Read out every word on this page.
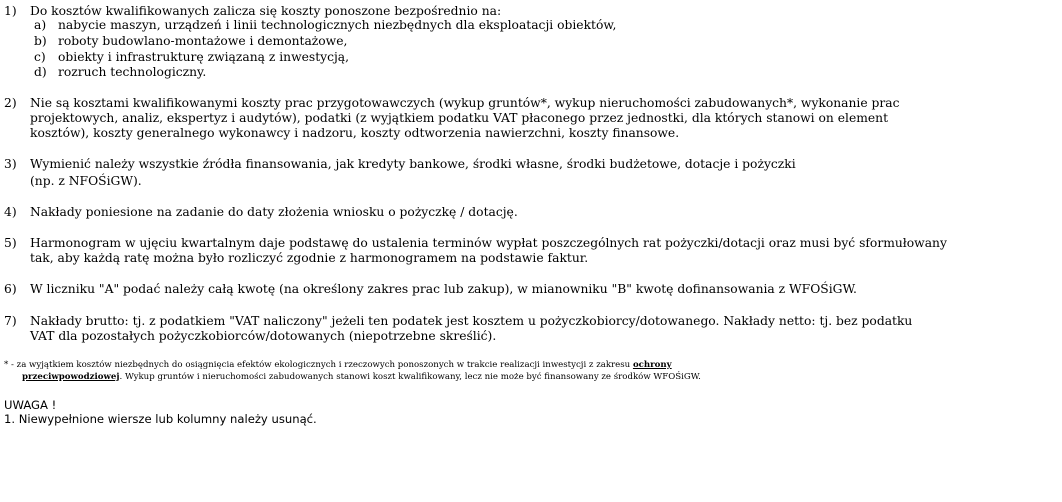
1) Do kosztów kwalifikowanych zalicza się koszty ponoszone bezpośrednio na:
a) nabycie maszyn, urządzeń i linii technologicznych niezbędnych dla eksploatacji obiektów,
b) roboty budowlano-montażowe i demontażowe,
c) obiekty i infrastrukturę związaną z inwestycją,
d) rozruch technologiczny.
2) Nie są kosztami kwalifikowanymi koszty prac przygotowawczych (wykup gruntów*, wykup nieruchomości zabudowanych*, wykonanie prac
projektowych, analiz, ekspertyz i audytów), podatki (z wyjątkiem podatku VAT płaconego przez jednostki, dla których stanowi on element
kosztów), koszty generalnego wykonawcy i nadzoru, koszty odtworzenia nawierzchni, koszty finansowe.
3) Wymienić należy wszystkie źródła finansowania, jak kredyty bankowe, środki własne, środki budżetowe, dotacje i pożyczki
(np. z NFOŚiGW).
4) Nakłady poniesione na zadanie do daty złożenia wniosku o pożyczkę / dotację.
5) Harmonogram w ujęciu kwartalnym daje podstawę do ustalenia terminów wypłat poszczególnych rat pożyczki/dotacji oraz musi być sformułowany
tak, aby każdą ratę można było rozliczyć zgodnie z harmonogramem na podstawie faktur.
6) W liczniku "A" podać należy całą kwotę (na określony zakres prac lub zakup), w mianowniku "B" kwotę dofinansowania z WFOŚiGW.
7) Nakłady brutto: tj. z podatkiem "VAT naliczony" jeżeli ten podatek jest kosztem u pożyczkobiorcy/dotowanego. Nakłady netto: tj. bez podatku
VAT dla pozostałych pożyczkobiorców/dotowanych (niepotrzebne skreślić).
* - za wyjątkiem kosztów niezbędnych do osiągnięcia efektów ekologicznych i rzeczowych ponoszonych w trakcie realizacji inwestycji z zakresu ochrony
przeciwpowodziowej. Wykup gruntów i nieruchomości zabudowanych stanowi koszt kwalifikowany, lecz nie może być finansowany ze środków WFOŚiGW.
UWAGA !
1. Niewypełnione wiersze lub kolumny należy usunąć.
